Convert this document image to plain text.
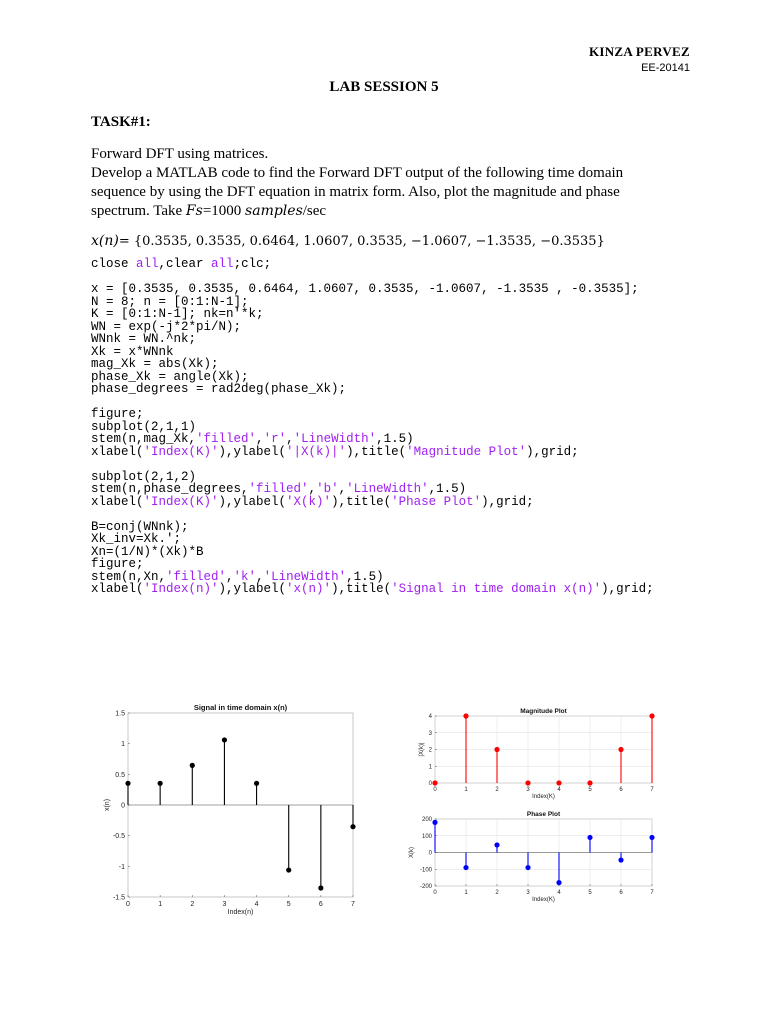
KINZA PERVEZ
EE-20141
LAB SESSION 5
TASK#1:
Forward DFT using matrices.
Develop a MATLAB code to find the Forward DFT output of the following time domain
sequence by using the DFT equation in matrix form. Also, plot the magnitude and phase
spectrum. Take Fs=1000 samples/sec
x(n)= {0.3535, 0.3535, 0.6464, 1.0607, 0.3535, −1.0607, −1.3535, −0.3535}
close all,clear all;clc;

x = [0.3535, 0.3535, 0.6464, 1.0607, 0.3535, -1.0607, -1.3535 , -0.3535];
N = 8; n = [0:1:N-1];
K = [0:1:N-1]; nk=n'*k;
WN = exp(-j*2*pi/N);
WNnk = WN.^nk;
Xk = x*WNnk
mag_Xk = abs(Xk);
phase_Xk = angle(Xk);
phase_degrees = rad2deg(phase_Xk);

figure;
subplot(2,1,1)
stem(n,mag_Xk,'filled','r','LineWidth',1.5)
xlabel('Index(K)'),ylabel('|X(k)|'),title('Magnitude Plot'),grid;

subplot(2,1,2)
stem(n,phase_degrees,'filled','b','LineWidth',1.5)
xlabel('Index(K)'),ylabel('X(k)'),title('Phase Plot'),grid;

B=conj(WNnk);
Xk_inv=Xk.';
Xn=(1/N)*(Xk)*B
figure;
stem(n,Xn,'filled','k','LineWidth',1.5)
xlabel('Index(n)'),ylabel('x(n)'),title('Signal in time domain x(n)'),grid;

0	1	2	3	4	5	6	7
-1.5
-1
-0.5
0
0.5
1
1.5
Signal in time domain x(n)
Index(n)
x(n)
0	1	2	3	4	5	6	7
0
1
2
3
4
Magnitude Plot
Index(K)
|X(k)|
0	1	2	3	4	5	6	7
-200
-100
0
100
200
Phase Plot
Index(K)
X(k)
